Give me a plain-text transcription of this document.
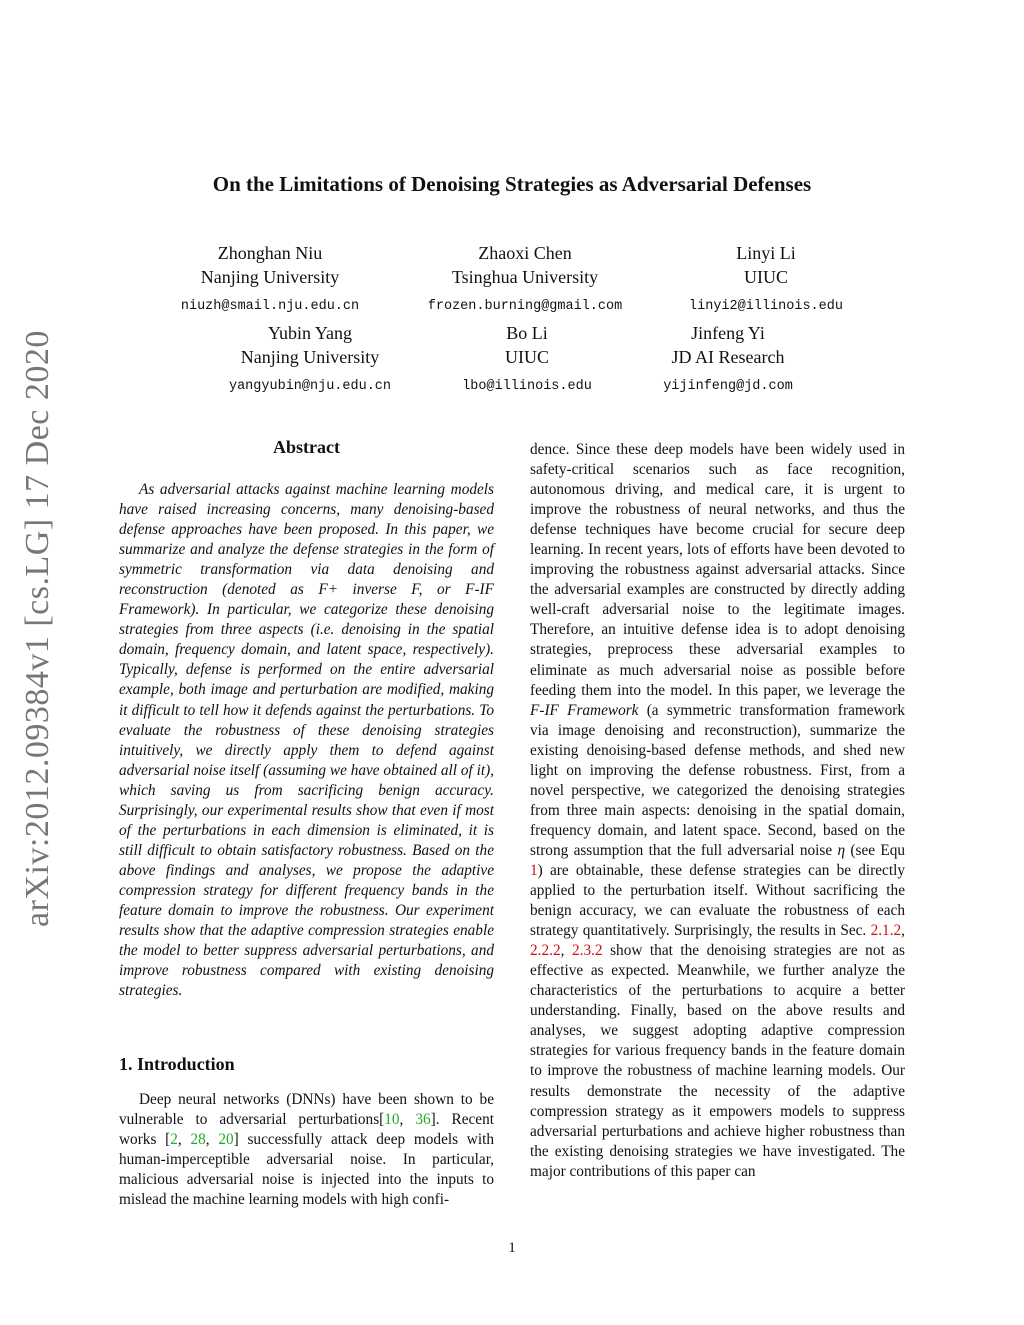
arXiv:2012.09384v1 [cs.LG] 17 Dec 2020
On the Limitations of Denoising Strategies as Adversarial Defenses
Zhonghan Niu
Nanjing University
niuzh@smail.nju.edu.cn
Zhaoxi Chen
Tsinghua University
frozen.burning@gmail.com
Linyi Li
UIUC
linyi2@illinois.edu
Yubin Yang
Nanjing University
yangyubin@nju.edu.cn
Bo Li
UIUC
lbo@illinois.edu
Jinfeng Yi
JD AI Research
yijinfeng@jd.com
Abstract

As adversarial attacks against machine learning models have raised increasing concerns, many denoising-based defense approaches have been proposed. In this paper, we summarize and analyze the defense strategies in the form of symmetric transformation via data denoising and reconstruction (denoted as F+ inverse F, or F-IF Framework). In particular, we categorize these denoising strategies from three aspects (i.e. denoising in the spatial domain, frequency domain, and latent space, respectively). Typically, defense is performed on the entire adversarial example, both image and perturbation are modified, making it difficult to tell how it defends against the perturbations. To evaluate the robustness of these denoising strategies intuitively, we directly apply them to defend against adversarial noise itself (assuming we have obtained all of it), which saving us from sacrificing benign accuracy. Surprisingly, our experimental results show that even if most of the perturbations in each dimension is eliminated, it is still difficult to obtain satisfactory robustness. Based on the above findings and analyses, we propose the adaptive compression strategy for different frequency bands in the feature domain to improve the robustness. Our experiment results show that the adaptive compression strategies enable the model to better suppress adversarial perturbations, and improve robustness compared with existing denoising strategies.

1. Introduction

Deep neural networks (DNNs) have been shown to be vulnerable to adversarial perturbations[10, 36]. Recent works [2, 28, 20] successfully attack deep models with human-imperceptible adversarial noise. In particular, malicious adversarial noise is injected into the inputs to mislead the machine learning models with high confi-

dence. Since these deep models have been widely used in safety-critical scenarios such as face recognition, autonomous driving, and medical care, it is urgent to improve the robustness of neural networks, and thus the defense techniques have become crucial for secure deep learning. In recent years, lots of efforts have been devoted to improving the robustness against adversarial attacks. Since the adversarial examples are constructed by directly adding well-craft adversarial noise to the legitimate images. Therefore, an intuitive defense idea is to adopt denoising strategies, preprocess these adversarial examples to eliminate as much adversarial noise as possible before feeding them into the model. In this paper, we leverage the F-IF Framework (a symmetric transformation framework via image denoising and reconstruction), summarize the existing denoising-based defense methods, and shed new light on improving the defense robustness. First, from a novel perspective, we categorized the denoising strategies from three main aspects: denoising in the spatial domain, frequency domain, and latent space. Second, based on the strong assumption that the full adversarial noise η (see Equ 1) are obtainable, these defense strategies can be directly applied to the perturbation itself. Without sacrificing the benign accuracy, we can evaluate the robustness of each strategy quantitatively. Surprisingly, the results in Sec. 2.1.2, 2.2.2, 2.3.2 show that the denoising strategies are not as effective as expected. Meanwhile, we further analyze the characteristics of the perturbations to acquire a better understanding. Finally, based on the above results and analyses, we suggest adopting adaptive compression strategies for various frequency bands in the feature domain to improve the robustness of machine learning models. Our results demonstrate the necessity of the adaptive compression strategy as it empowers models to suppress adversarial perturbations and achieve higher robustness than the existing denoising strategies we have investigated. The major contributions of this paper can

1
